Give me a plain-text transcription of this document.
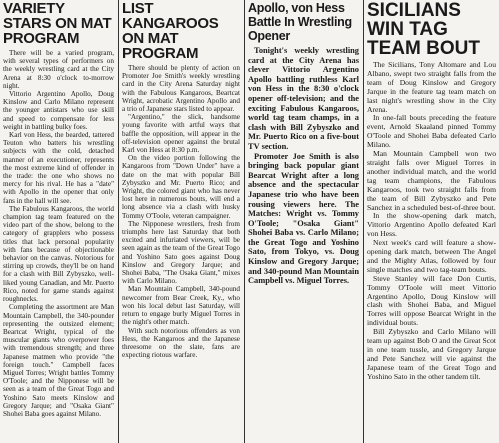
VARIETY STARS ON MAT PROGRAM

There will be a varied program, with several types of performers on the weekly wrestling card at the City Arena at 8:30 o'clock to-morrow night.

Vittorio Argentino Apollo, Doug Kinslow and Carlo Milano represent the younger antistars who use skill and speed to compensate for less weight in battling bulky foes.

Karl von Hess, the bearded, tattered Teuton who batters his wrestling subjects with the cold, detached manner of an executioner, represents the most extreme kind of offender in the trade: the one who shows no mercy for his rival. He has a "date" with Apollo in the opener that only fans in the hall will see.

The Fabulous Kangaroos, the world champion tag team featured on the video part of the show, belong to the category of grapplers who possess titles that lack personal popularity with fans because of objectionable behavior on the canvas. Notorious for stirring up crowds, they'll be on hand for a clash with Bill Zybyszko, well-liked young Canadian, and Mr. Puerto Rico, noted for game stands against roughnecks.

Completing the assortment are Man Mountain Campbell, the 340-pounder representing the outsized element; Beartcat Wright, typical of the muscular giants who overpower foes with tremendous strength; and three Japanese matmen who provide "the foreign touch." Campbell faces Miguel Torres; Wright battles Tommy O'Toole; and the Nipponese will be seen as a team of the Great Togo and Yoshino Sato meets Kinslow and Gregory Jarque; and "Osaka Giant" Shohei Baba goes against Milano.

LIST KANGAROOS ON MAT PROGRAM

There should be plenty of action on Promoter Joe Smith's weekly wrestling card in the City Arena Saturday night with the Fabulous Kangaroos, Beartcat Wright, acrobatic Argentino Apollo and a trio of Japanese stars listed to appear.

"Argentino," the slick, handsome young favorite with artful ways that baffle the opposition, will appear in the off-television opener against the brutal Karl von Hess at 8:30 p.m.

On the video portion following the Kangaroos from "Down Under" have a date on the mat with popular Bill Zybyszko and Mr. Puerto Rico; and Wright, the colored giant who has never lost here in numerous bouts, will end a long absence via a clash with husky Tommy O'Toole, veteran campaigner.

The Nipponese wrestlers, fresh from triumphs here last Saturday that both excited and infuriated viewers, will be seen again as the team of the Great Togo and Yoshino Sato goes against Doug Kinslow and Gregory Jarque; and Shohei Baba, "The Osaka Giant," mixes with Carlo Milano.

Man Mountain Campbell, 340-pound newcomer from Bear Creek, Ky., who won his local debut last Saturday, will return to engage burly Miguel Torres in the night's other match.

With such notorious offenders as von Hess, the Kangaroos and the Japanese threesome on the slate, fans are expecting riotous warfare.

Apollo, von Hess Battle In Wrestling Opener

Tonight's weekly wrestling card at the City Arena has clever Vittorio Argentino Apollo battling ruthless Karl von Hess in the 8:30 o'clock opener off-television; and the exciting Fabulous Kangaroos, world tag team champs, in a clash with Bill Zybyszko and Mr. Puerto Rico on a five-bout TV section.

Promoter Joe Smith is also bringing back popular giant Bearcat Wright after a long absence and the spectacular Japanese trio who have been rousing viewers here. The Matches: Wright vs. Tommy O'Toole; "Osaka Giant" Shohei Baba vs. Carlo Milano; the Great Togo and Yoshino Sato, from Tokyo, vs. Doug Kinslow and Gregory Jarque; and 340-pound Man Mountain Campbell vs. Miguel Torres.

SICILIANS WIN TAG TEAM BOUT

The Sicilians, Tony Altomare and Lou Albano, swept two straight falls from the team of Doug Kinslow and Gregory Jarque in the feature tag team match on last night's wrestling show in the City Arena.

In one-fall bouts preceding the feature event, Arnold Skaaland pinned Tommy O'Toole and Shohei Baba defeated Carlo Milano.

Man Mountain Campbell won two straight falls over Miguel Torres in another individual match, and the world tag team champions, the Fabulous Kangaroos, took two straight falls from the team of Bill Zybyszko and Pete Sanchez in a scheduled best-of-three bout.

In the show-opening dark match, Vittorio Argentino Apollo defeated Karl von Hess.

Next week's card will feature a show-opening dark match, between The Angel and the Mighty Atlas, followed by four single matches and two tag-team bouts.

Steve Stanley will face Don Curtis, Tommy O'Toole will meet Vittorio Argentino Apollo, Doug Kinslow will clash with Shohei Baba, and Miguel Torres will oppose Bearcat Wright in the individual bouts.

Bill Zybyszko and Carlo Milano will team up against Bob O and the Great Scot in one team tussle, and Gregory Jarque and Pete Sanchez will vie against the Japanese team of the Great Togo and Yoshino Sato in the other tandem tilt.
